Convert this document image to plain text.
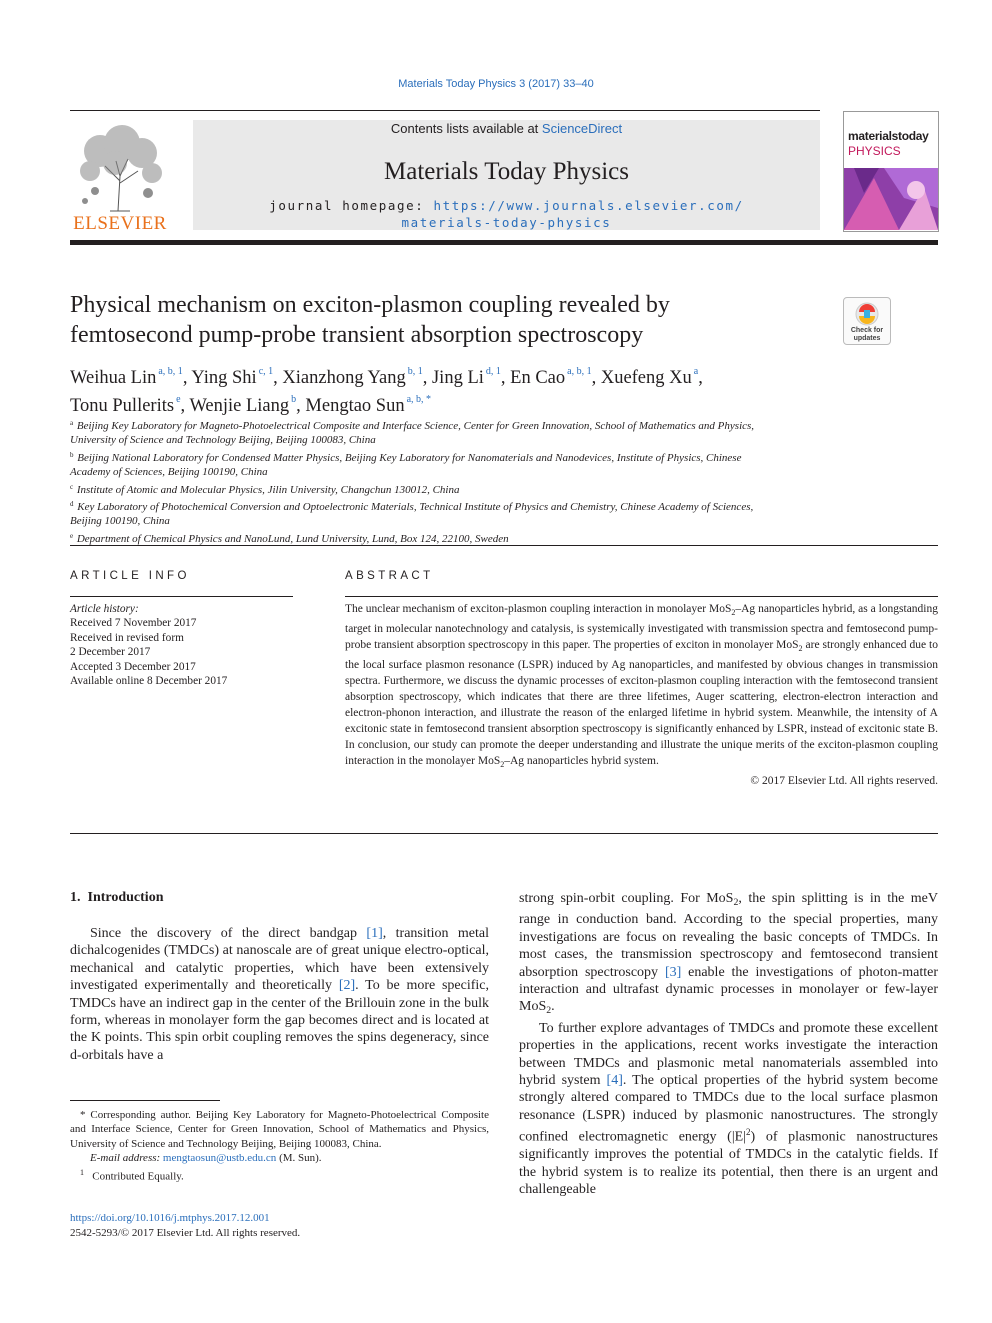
Materials Today Physics 3 (2017) 33–40
ELSEVIER
Contents lists available at ScienceDirect
Materials Today Physics
journal homepage: https://www.journals.elsevier.com/
materials-today-physics
materialstoday
PHYSICS
Physical mechanism on exciton-plasmon coupling revealed by
femtosecond pump-probe transient absorption spectroscopy	Check for
updates
Weihua Lin $^{a, b, 1}$, Ying Shi $^{c, 1}$, Xianzhong Yang $^{b, 1}$, Jing Li $^{d, 1}$, En Cao $^{a, b, 1}$, Xuefeng Xu $^a$,
Tonu Pullerits $^e$, Wenjie Liang $^b$, Mengtao Sun $^{a, b, *}$
$^a$ Beijing Key Laboratory for Magneto-Photoelectrical Composite and Interface Science, Center for Green Innovation, School of Mathematics and Physics,
University of Science and Technology Beijing, Beijing 100083, China
$^b$ Beijing National Laboratory for Condensed Matter Physics, Beijing Key Laboratory for Nanomaterials and Nanodevices, Institute of Physics, Chinese
Academy of Sciences, Beijing 100190, China
$^c$ Institute of Atomic and Molecular Physics, Jilin University, Changchun 130012, China
$^d$ Key Laboratory of Photochemical Conversion and Optoelectronic Materials, Technical Institute of Physics and Chemistry, Chinese Academy of Sciences,
Beijing 100190, China
$^e$ Department of Chemical Physics and NanoLund, Lund University, Lund, Box 124, 22100, Sweden
ARTICLE INFO
Article history:
Received 7 November 2017
Received in revised form
2 December 2017
Accepted 3 December 2017
Available online 8 December 2017
ABSTRACT
The unclear mechanism of exciton-plasmon coupling interaction in monolayer MoS$_2$–Ag nanoparticles hybrid, as a longstanding target in molecular nanotechnology and catalysis, is systemically investigated with transmission spectra and femtosecond pump-probe transient absorption spectroscopy in this paper. The properties of exciton in monolayer MoS$_2$ are strongly enhanced due to the local surface plasmon resonance (LSPR) induced by Ag nanoparticles, and manifested by obvious changes in transmission spectra. Furthermore, we discuss the dynamic processes of exciton-plasmon coupling interaction with the femtosecond transient absorption spectroscopy, which indicates that there are three lifetimes, Auger scattering, electron-electron interaction and electron-phonon interaction, and illustrate the reason of the enlarged lifetime in hybrid system. Meanwhile, the intensity of A excitonic state in femtosecond transient absorption spectroscopy is significantly enhanced by LSPR, instead of excitonic state B. In conclusion, our study can promote the deeper understanding and illustrate the unique merits of the exciton-plasmon coupling interaction in the monolayer MoS$_2$–Ag nanoparticles hybrid system.
© 2017 Elsevier Ltd. All rights reserved.
1. Introduction

Since the discovery of the direct bandgap [1], transition metal dichalcogenides (TMDCs) at nanoscale are of great unique electro-optical, mechanical and catalytic properties, which have been extensively investigated experimentally and theoretically [2]. To be more specific, TMDCs have an indirect gap in the center of the Brillouin zone in the bulk form, whereas in monolayer form the gap becomes direct and is located at the K points. This spin orbit coupling removes the spins degeneracy, since d-orbitals have a

strong spin-orbit coupling. For MoS$_2$, the spin splitting is in the meV range in conduction band. According to the special properties, many investigations are focus on revealing the basic concepts of TMDCs. In most cases, the transmission spectroscopy and femtosecond transient absorption spectroscopy [3] enable the investigations of photon-matter interaction and ultrafast dynamic processes in monolayer or few-layer MoS$_2$.

To further explore advantages of TMDCs and promote these excellent properties in the applications, recent works investigate the interaction between TMDCs and plasmonic metal nanomaterials assembled into hybrid system [4]. The optical properties of the hybrid system become strongly altered compared to TMDCs due to the local surface plasmon resonance (LSPR) induced by plasmonic nanostructures. The strongly confined electromagnetic energy $(|E|^2)$ of plasmonic nanostructures significantly improves the potential of TMDCs in the catalytic fields. If the hybrid system is to realize its potential, then there is an urgent and challengeable

* Corresponding author. Beijing Key Laboratory for Magneto-Photoelectrical Composite and Interface Science, Center for Green Innovation, School of Mathematics and Physics, University of Science and Technology Beijing, Beijing 100083, China.
E-mail address: mengtaosun@ustb.edu.cn (M. Sun).
$^1$ Contributed Equally.
https://doi.org/10.1016/j.mtphys.2017.12.001
2542-5293/© 2017 Elsevier Ltd. All rights reserved.
